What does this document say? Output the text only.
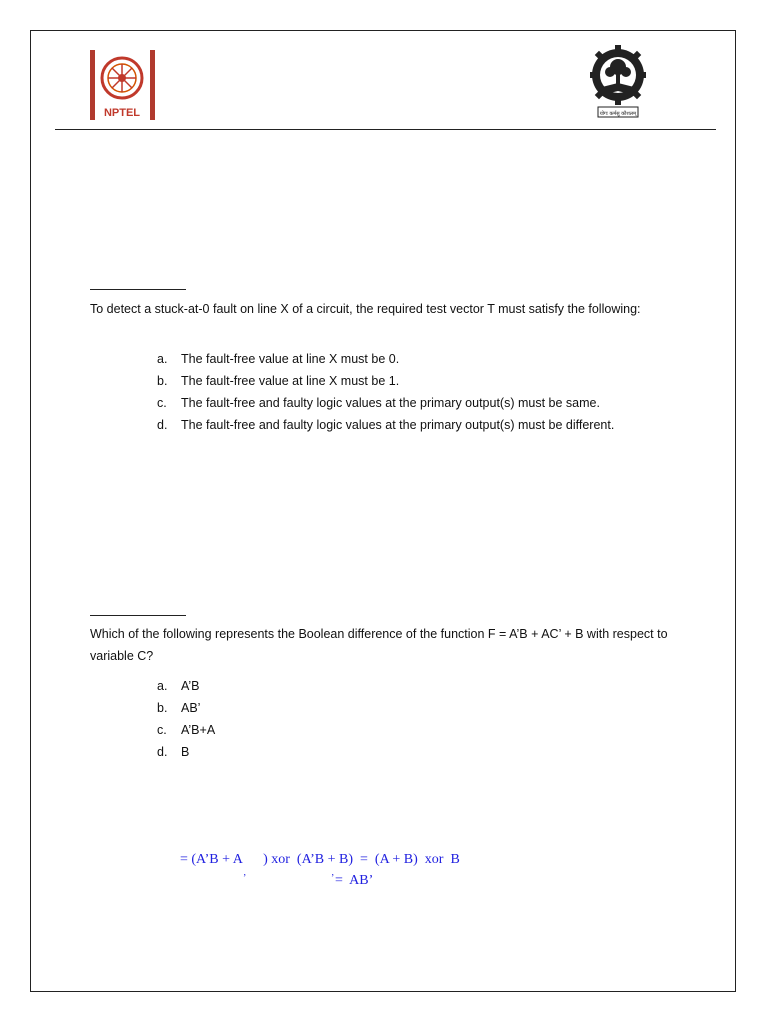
NPTEL	योगः कर्मसु कौशलम्
To detect a stuck-at-0 fault on line X of a circuit, the required test vector T must satisfy the following:
a. The fault-free value at line X must be 0.
b. The fault-free value at line X must be 1.
c. The fault-free and faulty logic values at the primary output(s) must be same.
d. The fault-free and faulty logic values at the primary output(s) must be different.
Which of the following represents the Boolean difference of the function F = A’B + AC’ + B with respect to variable C?
a. A’B
b. AB’
c. A’B+A
d. B
= (A’B + A      ) xor  (A’B + B)  =  (A + B)  xor  B
’	’ =  AB’
